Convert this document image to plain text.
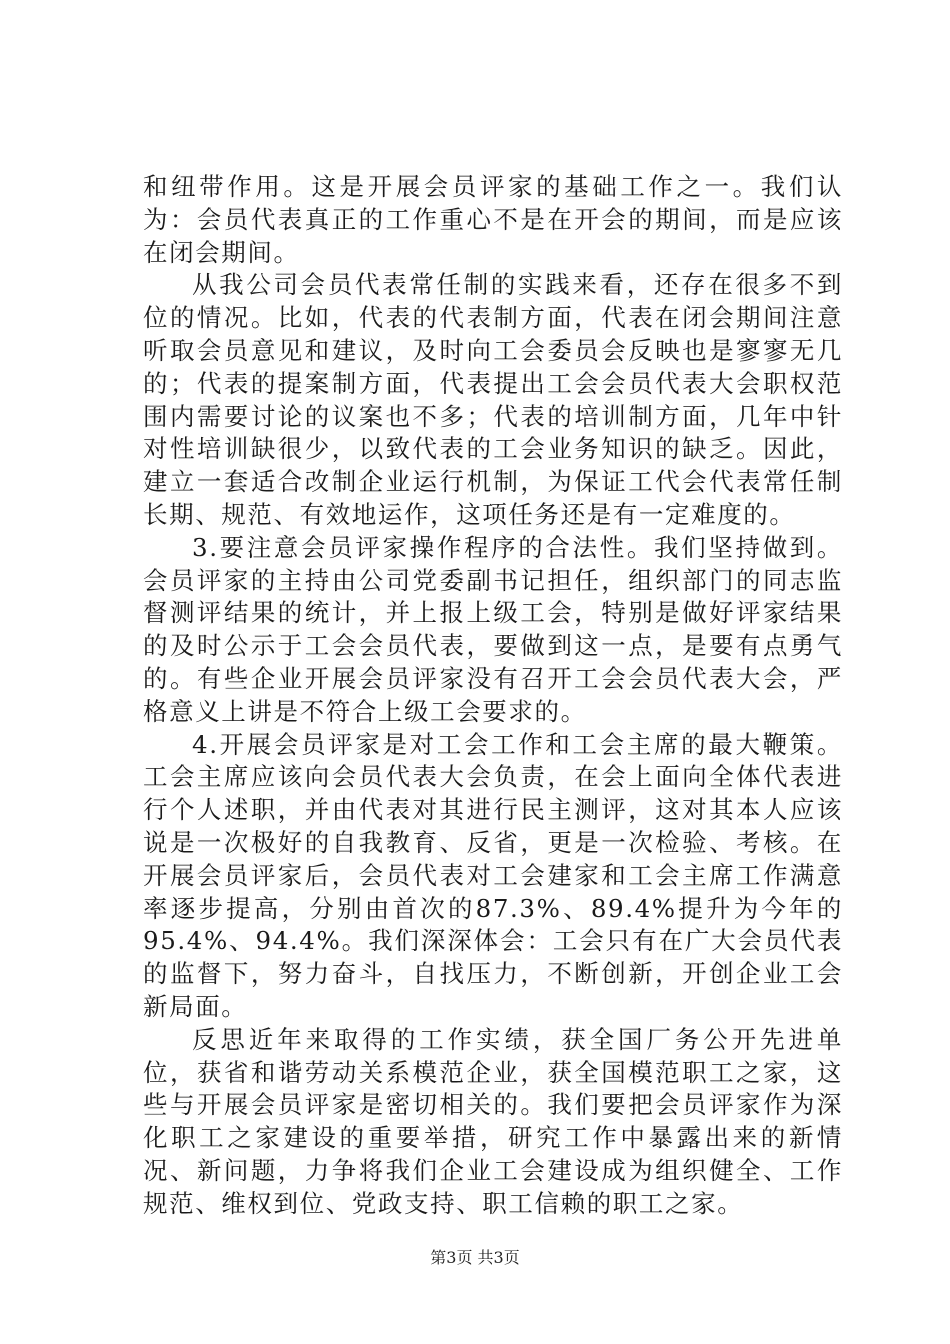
和纽带作用。这是开展会员评家的基础工作之一。我们认为：会员代表真正的工作重心不是在开会的期间，而是应该在闭会期间。

从我公司会员代表常任制的实践来看，还存在很多不到位的情况。比如，代表的代表制方面，代表在闭会期间注意听取会员意见和建议，及时向工会委员会反映也是寥寥无几的；代表的提案制方面，代表提出工会会员代表大会职权范围内需要讨论的议案也不多；代表的培训制方面，几年中针对性培训缺很少，以致代表的工会业务知识的缺乏。因此，建立一套适合改制企业运行机制，为保证工代会代表常任制长期、规范、有效地运作，这项任务还是有一定难度的。

3.要注意会员评家操作程序的合法性。我们坚持做到。会员评家的主持由公司党委副书记担任，组织部门的同志监督测评结果的统计，并上报上级工会，特别是做好评家结果的及时公示于工会会员代表，要做到这一点，是要有点勇气的。有些企业开展会员评家没有召开工会会员代表大会，严格意义上讲是不符合上级工会要求的。

4.开展会员评家是对工会工作和工会主席的最大鞭策。工会主席应该向会员代表大会负责，在会上面向全体代表进行个人述职，并由代表对其进行民主测评，这对其本人应该说是一次极好的自我教育、反省，更是一次检验、考核。在开展会员评家后，会员代表对工会建家和工会主席工作满意率逐步提高，分别由首次的87.3%、89.4%提升为今年的95.4%、94.4%。我们深深体会：工会只有在广大会员代表的监督下，努力奋斗，自找压力，不断创新，开创企业工会新局面。

反思近年来取得的工作实绩，获全国厂务公开先进单位，获省和谐劳动关系模范企业，获全国模范职工之家，这些与开展会员评家是密切相关的。我们要把会员评家作为深化职工之家建设的重要举措，研究工作中暴露出来的新情况、新问题，力争将我们企业工会建设成为组织健全、工作规范、维权到位、党政支持、职工信赖的职工之家。

第3页 共3页
